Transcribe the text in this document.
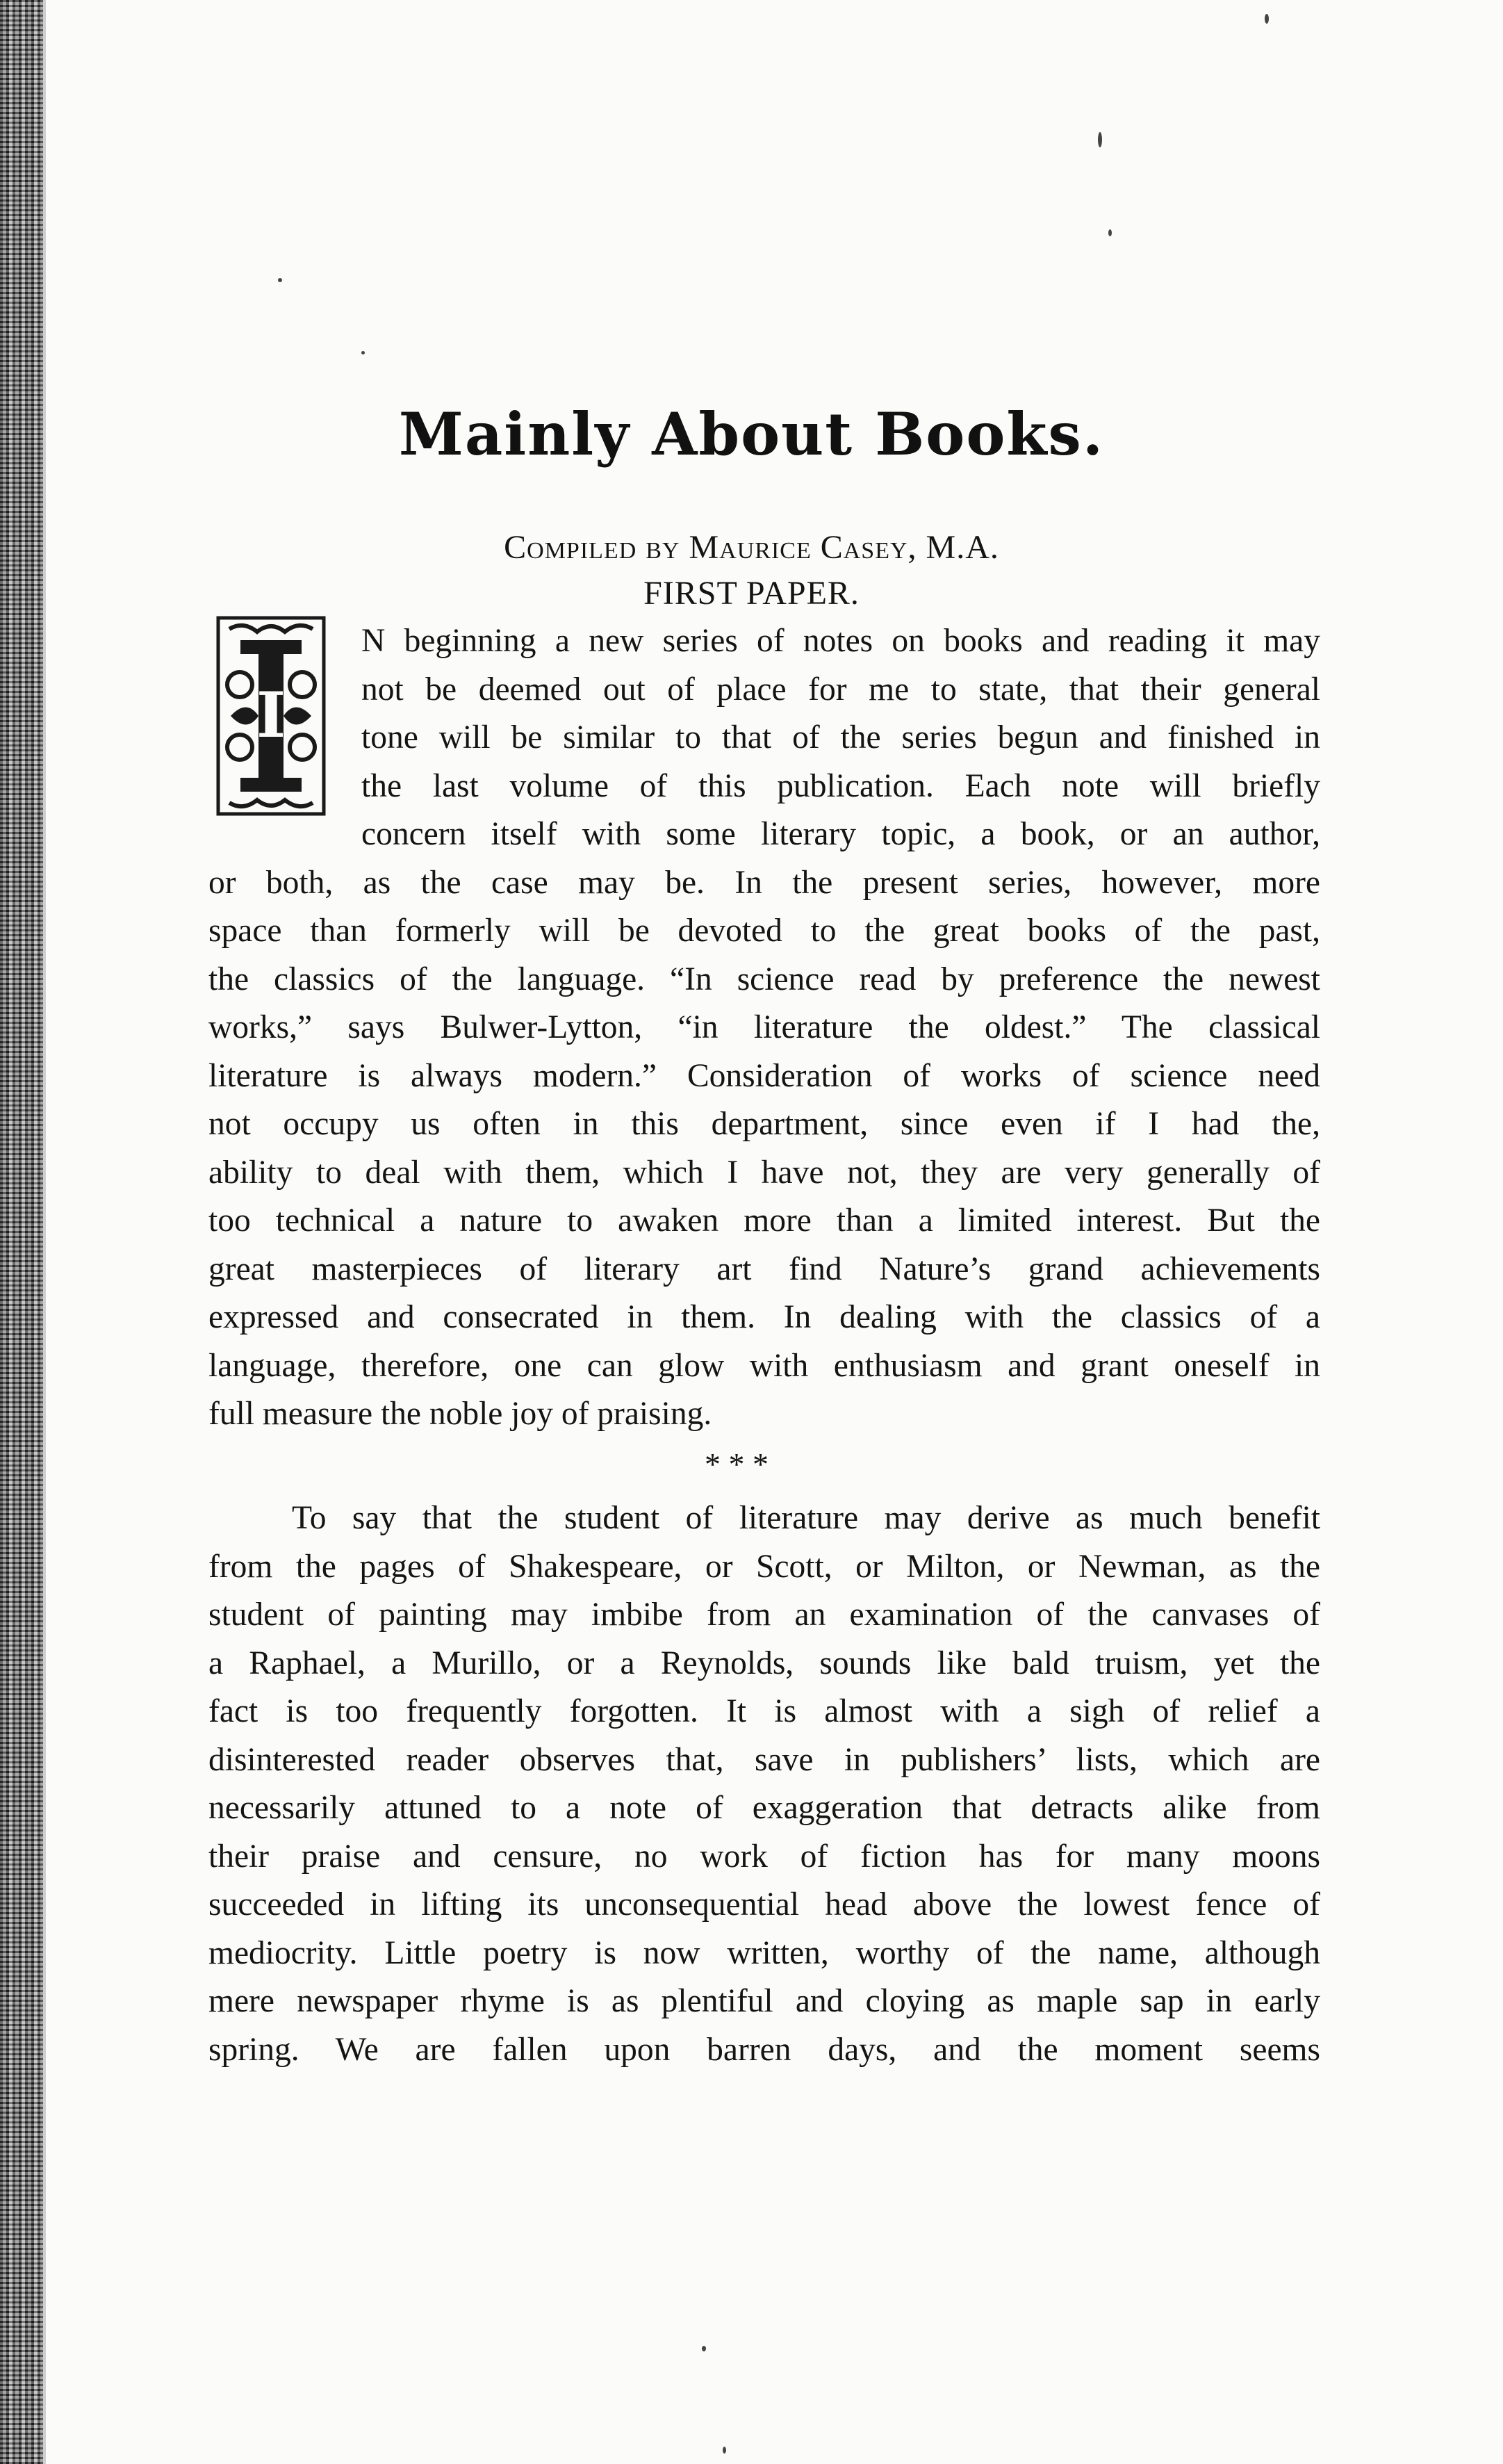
Mainly About Books.
Compiled by Maurice Casey, M.A.
FIRST PAPER.
I
N beginning a new series of notes on books and reading it may
not be deemed out of place for me to state, that their general
tone will be similar to that of the series begun and finished in
the last volume of this publication. Each note will briefly
concern itself with some literary topic, a book, or an author,
or both, as the case may be. In the present series, however, more
space than formerly will be devoted to the great books of the past,
the classics of the language. “In science read by preference the newest
works,” says Bulwer-Lytton, “in literature the oldest.” The classical
literature is always modern.” Consideration of works of science need
not occupy us often in this department, since even if I had the,
ability to deal with them, which I have not, they are very generally of
too technical a nature to awaken more than a limited interest. But the
great masterpieces of literary art find Nature’s grand achievements
expressed and consecrated in them. In dealing with the classics of a
language, therefore, one can glow with enthusiasm and grant oneself in
full measure the noble joy of praising.
* * *
To say that the student of literature may derive as much benefit
from the pages of Shakespeare, or Scott, or Milton, or Newman, as the
student of painting may imbibe from an examination of the canvases of
a Raphael, a Murillo, or a Reynolds, sounds like bald truism, yet the
fact is too frequently forgotten. It is almost with a sigh of relief a
disinterested reader observes that, save in publishers’ lists, which are
necessarily attuned to a note of exaggeration that detracts alike from
their praise and censure, no work of fiction has for many moons
succeeded in lifting its unconsequential head above the lowest fence of
mediocrity. Little poetry is now written, worthy of the name, although
mere newspaper rhyme is as plentiful and cloying as maple sap in early
spring. We are fallen upon barren days, and the moment seems
